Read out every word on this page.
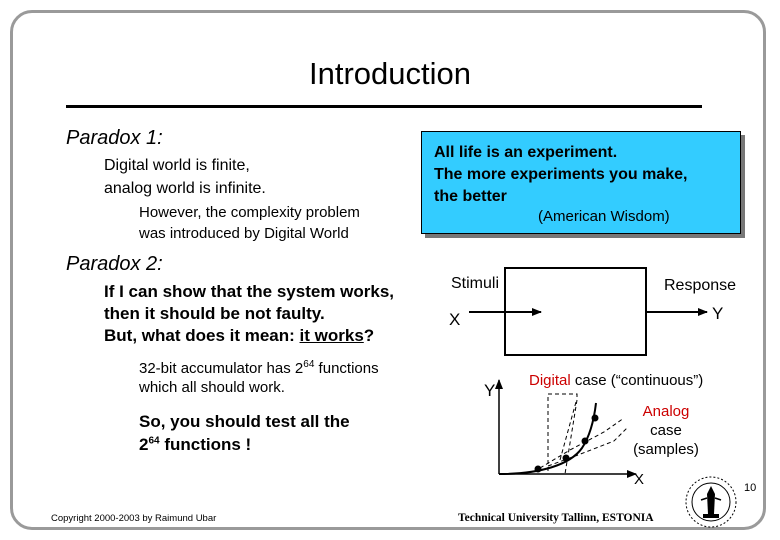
Introduction
Paradox 1:
Digital world is finite,
analog world is infinite.
However, the complexity problem
was introduced by Digital World
All life is an experiment.
The more experiments you make,
the better
(American Wisdom)
Paradox 2:
If I can show that the system works,
then it should be not faulty.
But, what does it mean: it works?
32-bit accumulator has $2^{64}$ functions
which all should work.
So, you should test all the
$2^{64}$ functions !
Stimuli	Response
X	Y
Y
Digital case (“continuous”)
Analog
case
(samples)
X
Copyright 2000-2003 by Raimund Ubar	Technical University Tallinn, ESTONIA
10
